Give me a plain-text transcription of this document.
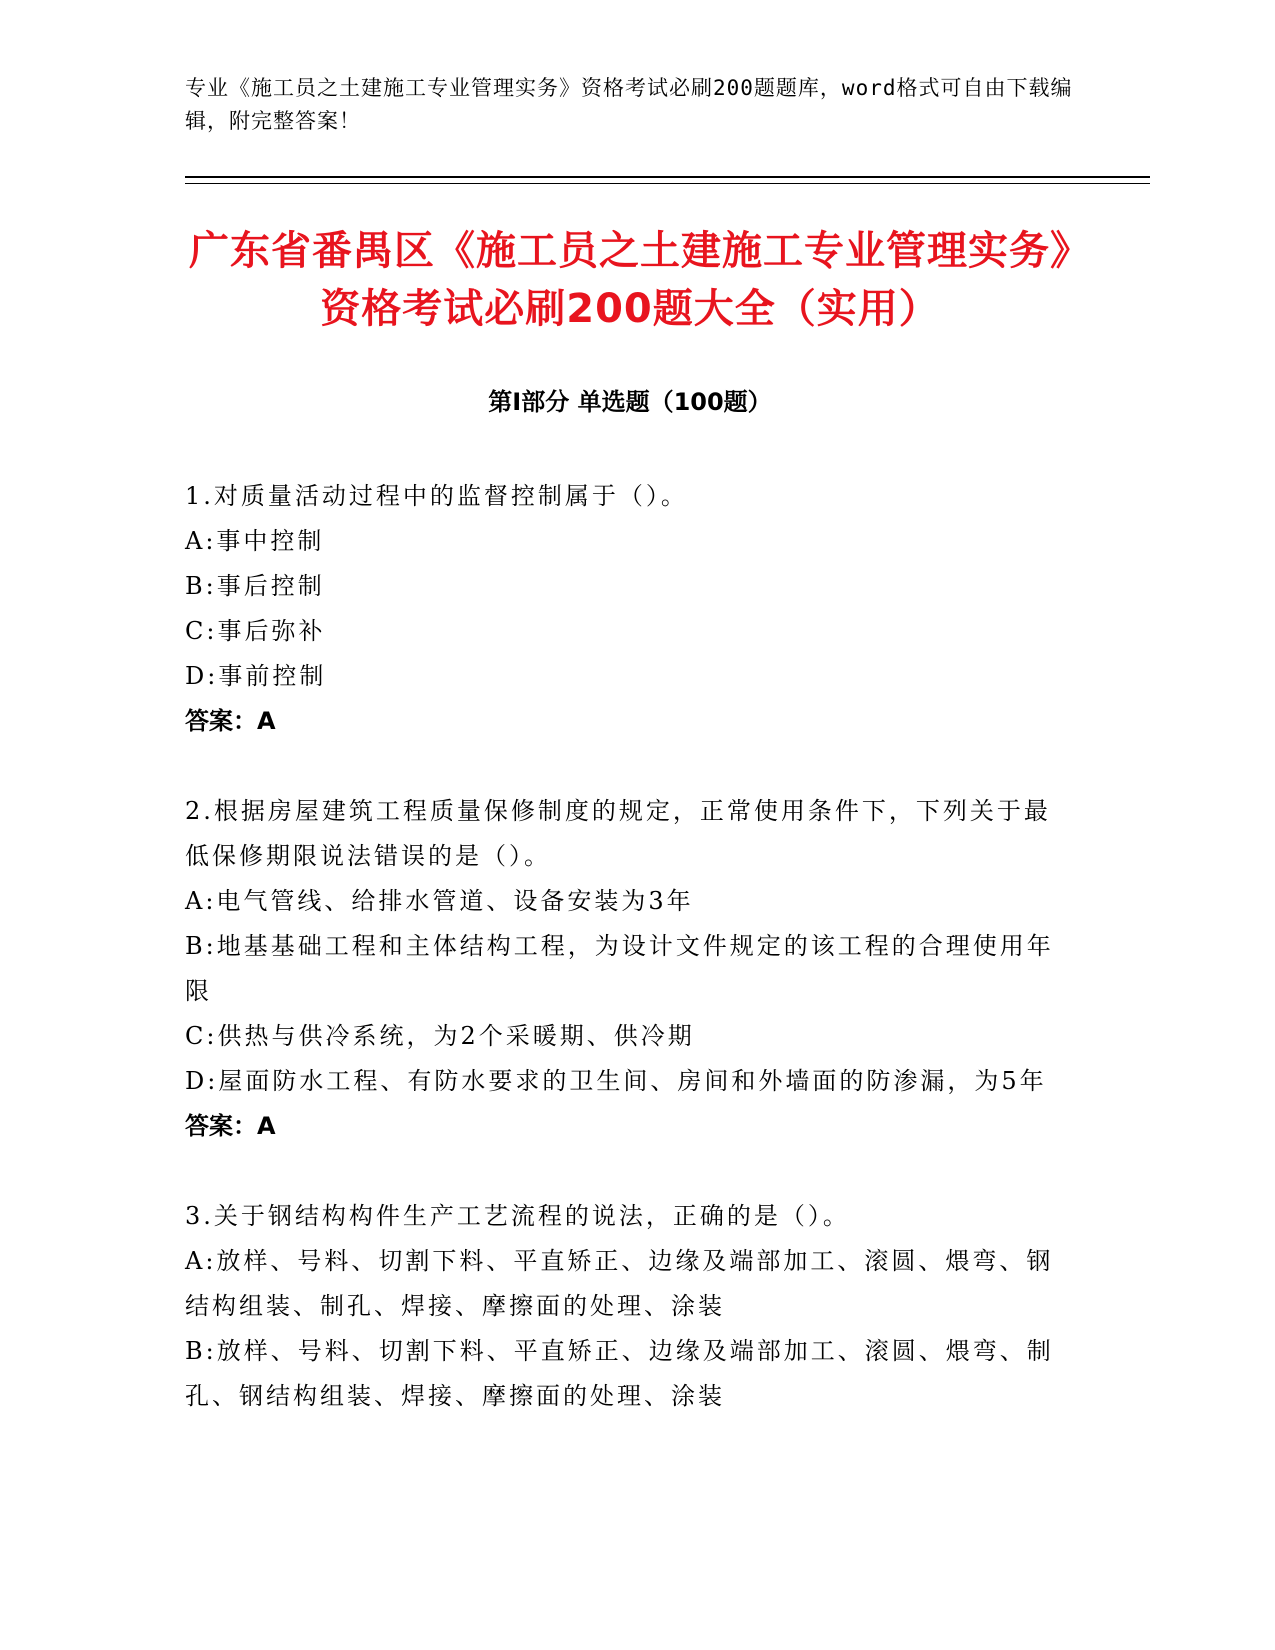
专业《施工员之土建施工专业管理实务》资格考试必刷200题题库，word格式可自由下载编辑，附完整答案！
广东省番禺区《施工员之土建施工专业管理实务》资格考试必刷200题大全（实用）
第Ⅰ部分 单选题（100题）

1.对质量活动过程中的监督控制属于（）。

A:事中控制

B:事后控制

C:事后弥补

D:事前控制

答案：A

2.根据房屋建筑工程质量保修制度的规定，正常使用条件下，下列关于最低保修期限说法错误的是（）。

A:电气管线、给排水管道、设备安装为3年

B:地基基础工程和主体结构工程，为设计文件规定的该工程的合理使用年限

C:供热与供冷系统，为2个采暖期、供冷期

D:屋面防水工程、有防水要求的卫生间、房间和外墙面的防渗漏，为5年

答案：A

3.关于钢结构构件生产工艺流程的说法，正确的是（）。

A:放样、号料、切割下料、平直矫正、边缘及端部加工、滚圆、煨弯、钢结构组装、制孔、焊接、摩擦面的处理、涂装

B:放样、号料、切割下料、平直矫正、边缘及端部加工、滚圆、煨弯、制孔、钢结构组装、焊接、摩擦面的处理、涂装
